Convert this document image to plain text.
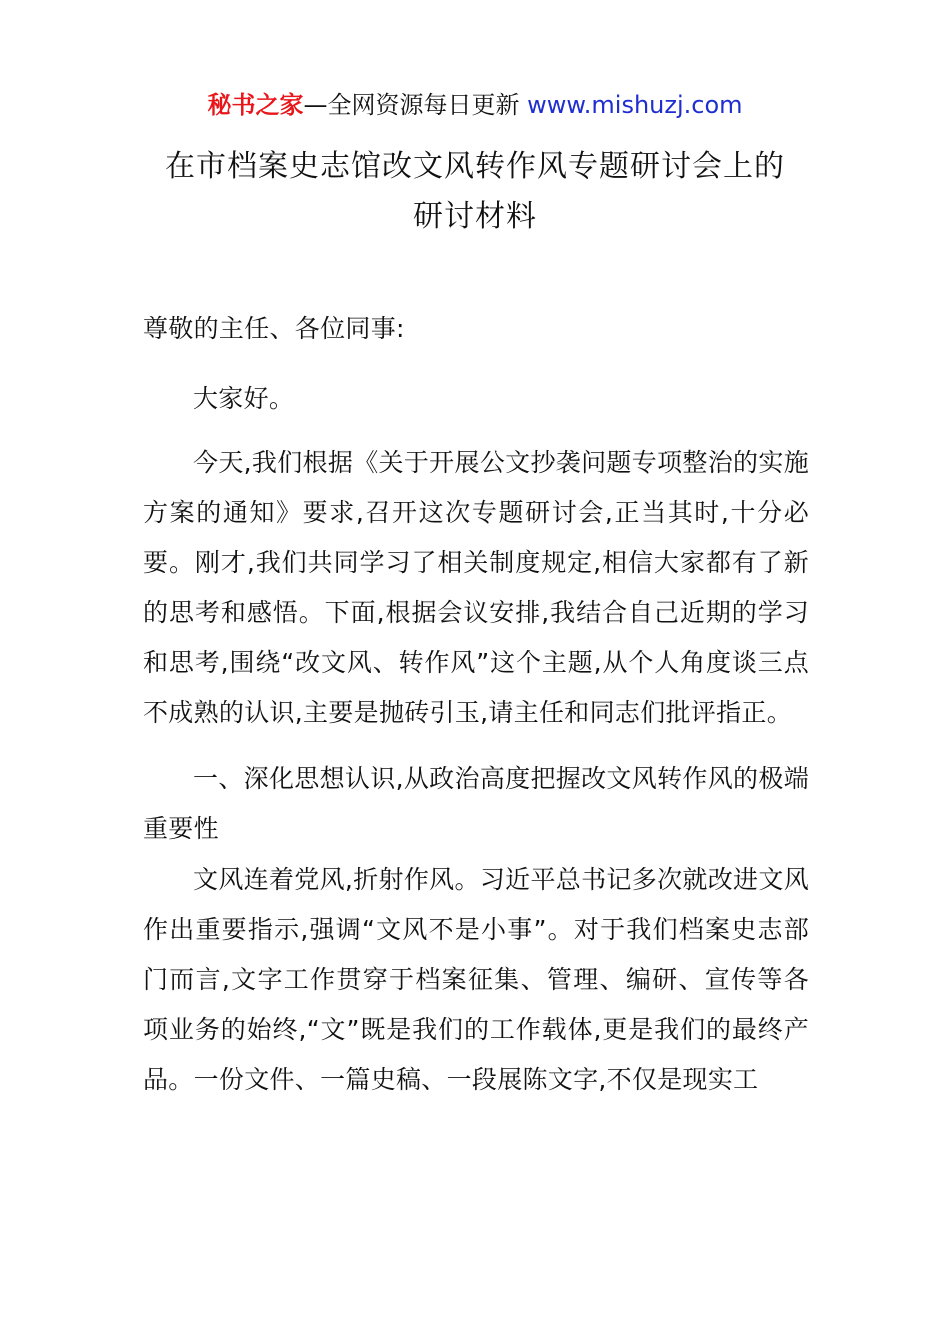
秘书之家—全网资源每日更新 www.mishuzj.com
在市档案史志馆改文风转作风专题研讨会上的
研讨材料
尊敬的主任、各位同事:
大家好。
今天,我们根据《关于开展公文抄袭问题专项整治的实施方案的通知》要求,召开这次专题研讨会,正当其时,十分必要。刚才,我们共同学习了相关制度规定,相信大家都有了新的思考和感悟。下面,根据会议安排,我结合自己近期的学习和思考,围绕“改文风、转作风”这个主题,从个人角度谈三点不成熟的认识,主要是抛砖引玉,请主任和同志们批评指正。
一、深化思想认识,从政治高度把握改文风转作风的极端重要性
文风连着党风,折射作风。习近平总书记多次就改进文风作出重要指示,强调“文风不是小事”。对于我们档案史志部门而言,文字工作贯穿于档案征集、管理、编研、宣传等各项业务的始终,“文”既是我们的工作载体,更是我们的最终产品。一份文件、一篇史稿、一段展陈文字,不仅是现实工
